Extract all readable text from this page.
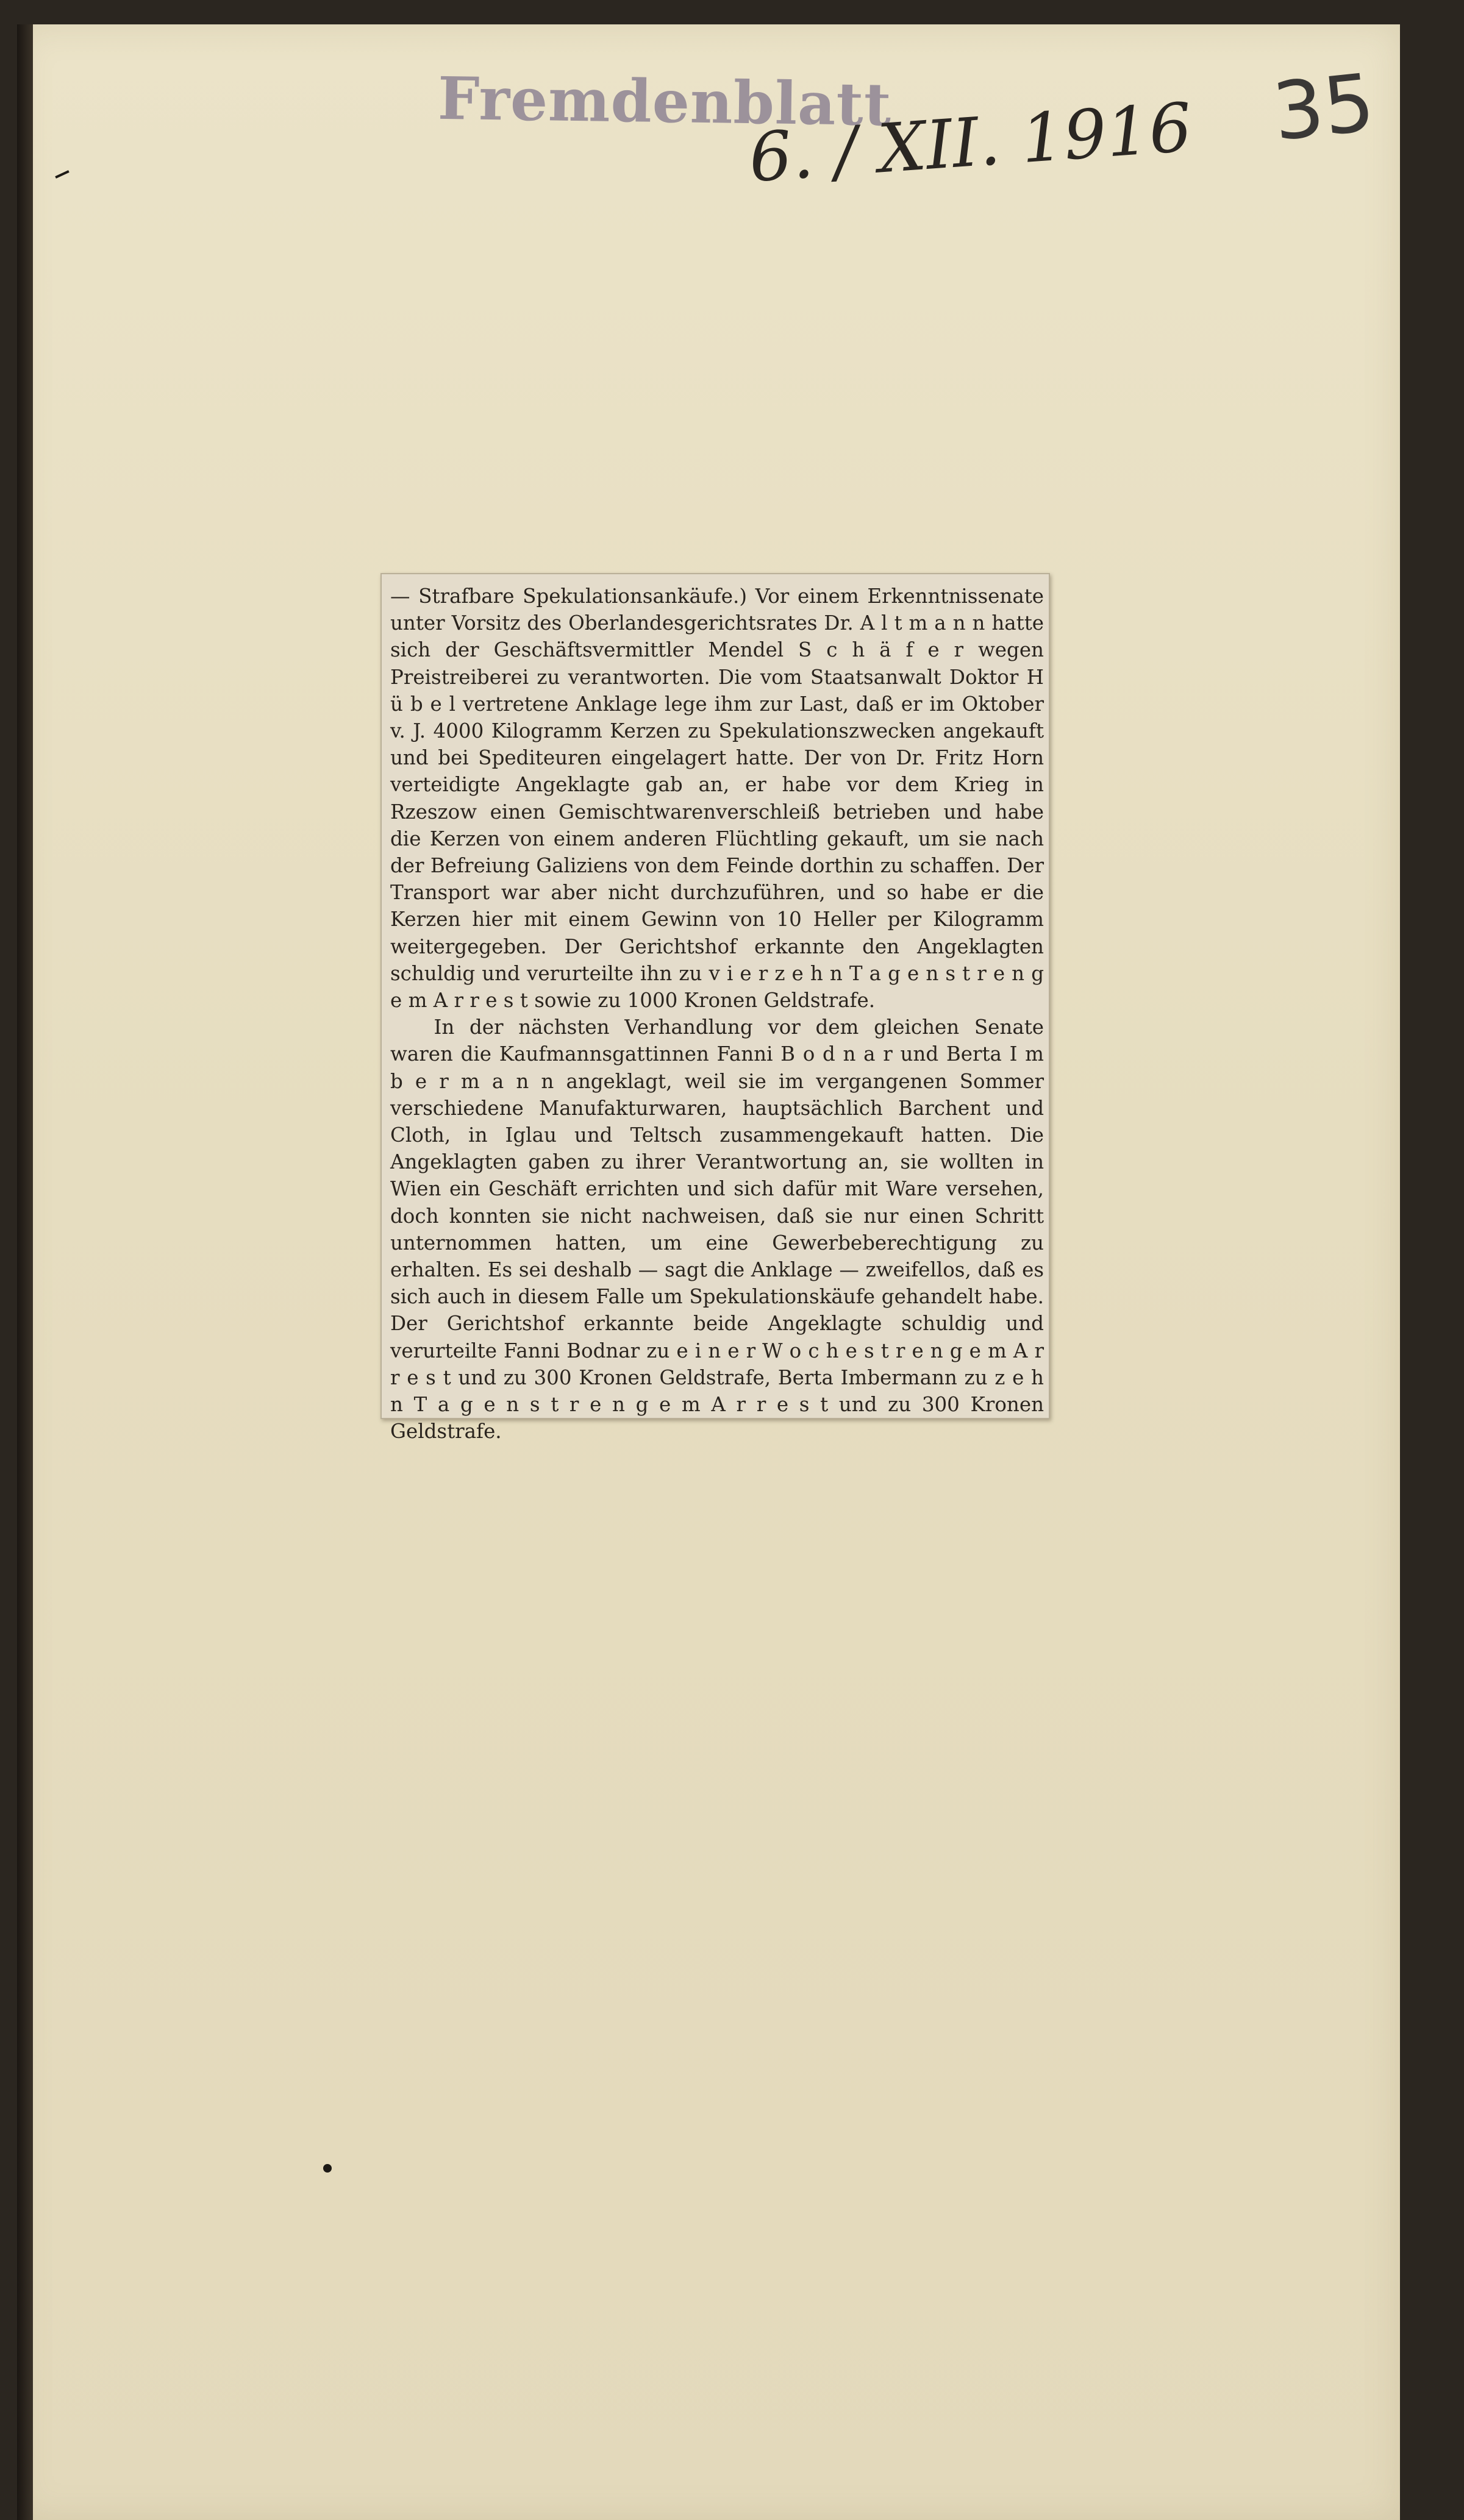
Fremdenblatt
6. / XII. 1916 35

— Strafbare Spekulationsankäufe.) Vor einem Erkenntnissenate unter Vorsitz des Oberlandesgerichtsrates Dr. A l t m a n n hatte sich der Geschäftsvermittler Mendel S c h ä f e r wegen Preistreiberei zu verantworten. Die vom Staatsanwalt Doktor H ü b e l vertretene Anklage lege ihm zur Last, daß er im Oktober v. J. 4000 Kilogramm Kerzen zu Spekulationszwecken angekauft und bei Spediteuren eingelagert hatte. Der von Dr. Fritz Horn verteidigte Angeklagte gab an, er habe vor dem Krieg in Rzeszow einen Gemischtwarenverschleiß betrieben und habe die Kerzen von einem anderen Flüchtling gekauft, um sie nach der Befreiung Galiziens von dem Feinde dorthin zu schaffen. Der Transport war aber nicht durchzuführen, und so habe er die Kerzen hier mit einem Gewinn von 10 Heller per Kilogramm weitergegeben. Der Gerichtshof erkannte den Angeklagten schuldig und verurteilte ihn zu v i e r z e h n T a g e n s t r e n g e m A r r e s t sowie zu 1000 Kronen Geldstrafe.

In der nächsten Verhandlung vor dem gleichen Senate waren die Kaufmannsgattinnen Fanni B o d n a r und Berta I m b e r m a n n angeklagt, weil sie im vergangenen Sommer verschiedene Manufakturwaren, hauptsächlich Barchent und Cloth, in Iglau und Teltsch zusammengekauft hatten. Die Angeklagten gaben zu ihrer Verantwortung an, sie wollten in Wien ein Geschäft errichten und sich dafür mit Ware versehen, doch konnten sie nicht nachweisen, daß sie nur einen Schritt unternommen hatten, um eine Gewerbeberechtigung zu erhalten. Es sei deshalb — sagt die Anklage — zweifellos, daß es sich auch in diesem Falle um Spekulationskäufe gehandelt habe. Der Gerichtshof erkannte beide Angeklagte schuldig und verurteilte Fanni Bodnar zu e i n e r W o c h e s t r e n g e m A r r e s t und zu 300 Kronen Geldstrafe, Berta Imbermann zu z e h n T a g e n s t r e n g e m A r r e s t und zu 300 Kronen Geldstrafe.
